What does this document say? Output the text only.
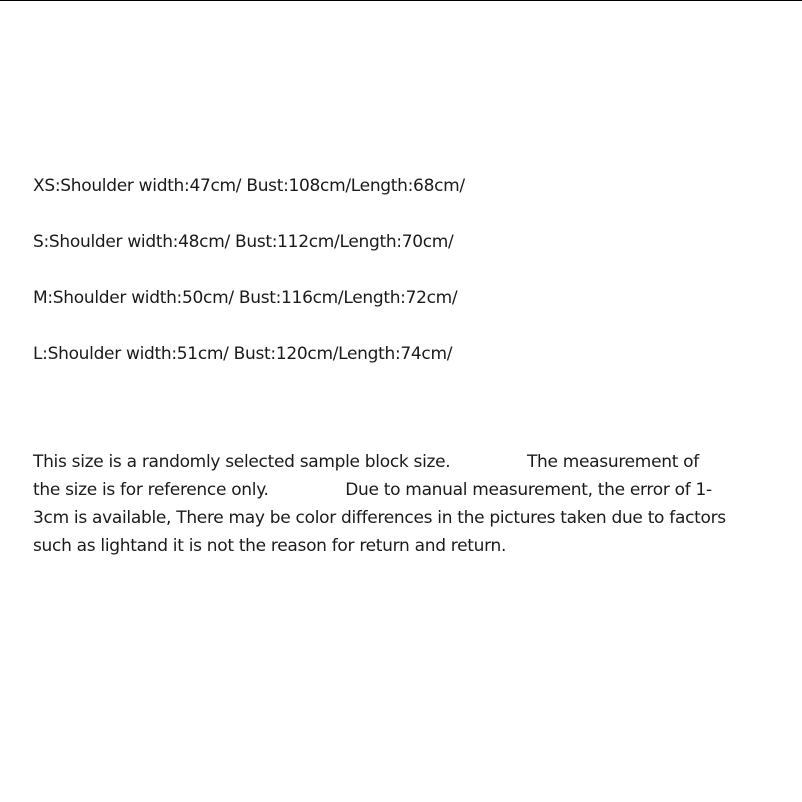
XS:Shoulder width:47cm/ Bust:108cm/Length:68cm/
S:Shoulder width:48cm/ Bust:112cm/Length:70cm/
M:Shoulder width:50cm/ Bust:116cm/Length:72cm/
L:Shoulder width:51cm/ Bust:120cm/Length:74cm/
This size is a randomly selected sample block size.               The measurement of
the size is for reference only.               Due to manual measurement, the error of 1-
3cm is available, There may be color differences in the pictures taken due to factors
such as lightand it is not the reason for return and return.
